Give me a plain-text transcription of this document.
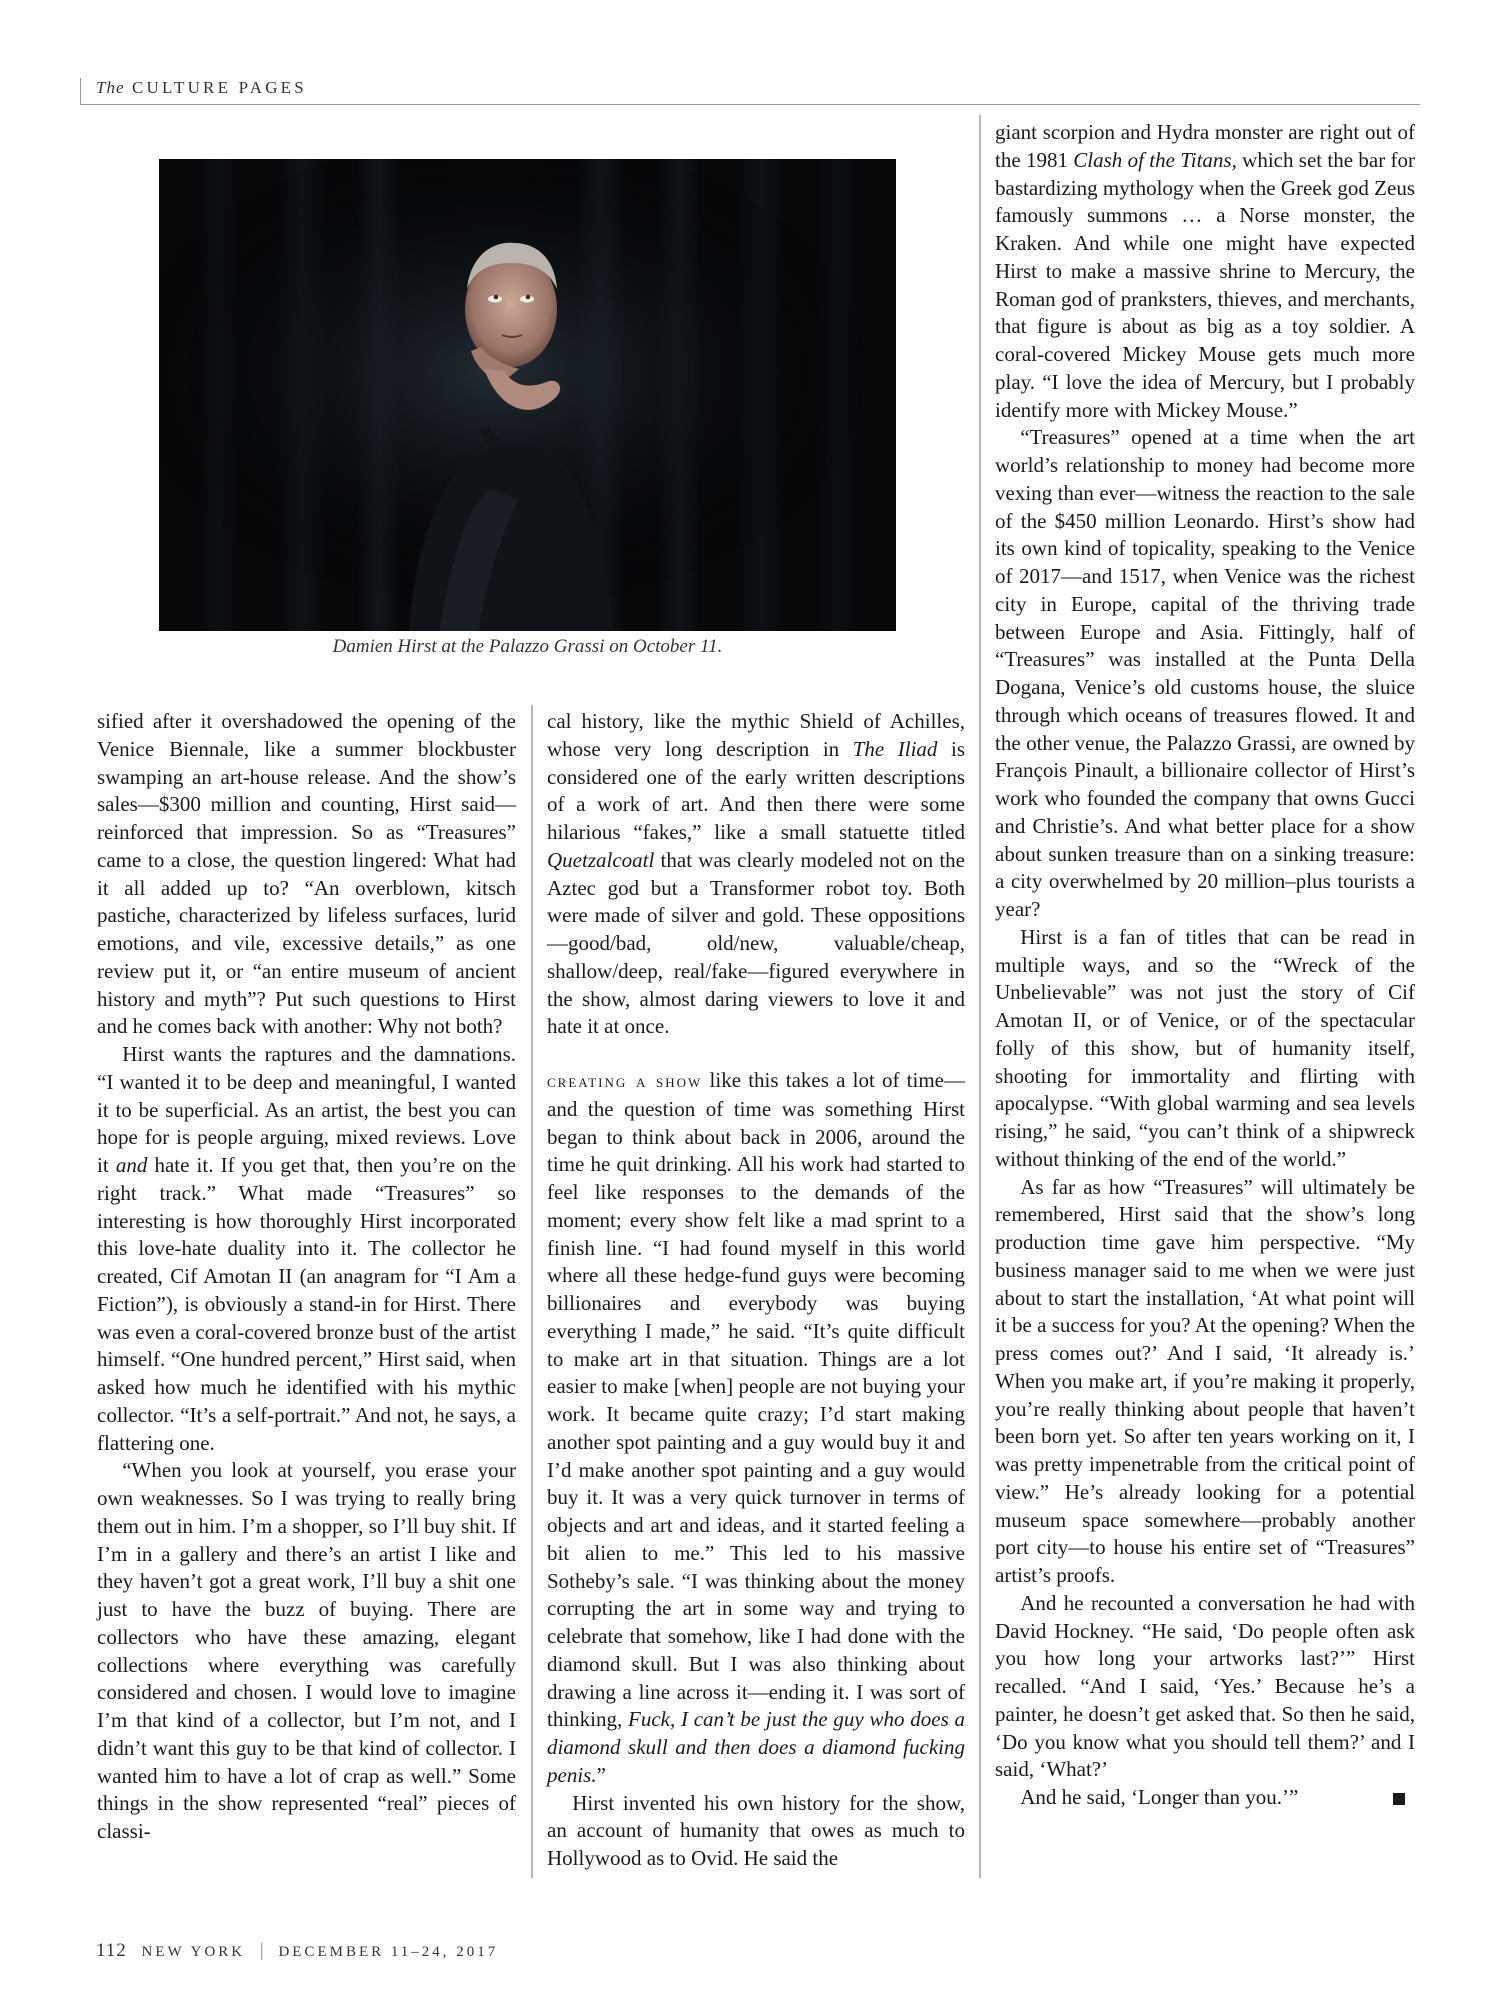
The CULTURE PAGES
Damien Hirst at the Palazzo Grassi on October 11.

sified after it overshadowed the opening of the Venice Biennale, like a summer blockbuster swamping an art-house release. And the show’s sales—$300 million and counting, Hirst said—reinforced that impression. So as “Treasures” came to a close, the question lingered: What had it all added up to? “An overblown, kitsch pastiche, characterized by lifeless surfaces, lurid emotions, and vile, excessive details,” as one review put it, or “an entire museum of ancient history and myth”? Put such questions to Hirst and he comes back with another: Why not both?

Hirst wants the raptures and the damnations. “I wanted it to be deep and meaningful, I wanted it to be superficial. As an artist, the best you can hope for is people arguing, mixed reviews. Love it and hate it. If you get that, then you’re on the right track.” What made “Treasures” so interesting is how thoroughly Hirst incorporated this love-hate duality into it. The collector he created, Cif Amotan II (an anagram for “I Am a Fiction”), is obviously a stand-in for Hirst. There was even a coral-covered bronze bust of the artist himself. “One hundred percent,” Hirst said, when asked how much he identified with his mythic collector. “It’s a self-portrait.” And not, he says, a flattering one.

“When you look at yourself, you erase your own weaknesses. So I was trying to really bring them out in him. I’m a shopper, so I’ll buy shit. If I’m in a gallery and there’s an artist I like and they haven’t got a great work, I’ll buy a shit one just to have the buzz of buying. There are collectors who have these amazing, elegant collections where everything was carefully considered and chosen. I would love to imagine I’m that kind of a collector, but I’m not, and I didn’t want this guy to be that kind of collector. I wanted him to have a lot of crap as well.” Some things in the show represented “real” pieces of classi-

cal history, like the mythic Shield of Achilles, whose very long description in The Iliad is considered one of the early written descriptions of a work of art. And then there were some hilarious “fakes,” like a small statuette titled Quetzalcoatl that was clearly modeled not on the Aztec god but a Transformer robot toy. Both were made of silver and gold. These oppositions—good/bad, old/new, valuable/cheap, shallow/deep, real/fake—figured everywhere in the show, almost daring viewers to love it and hate it at once.

creating a show like this takes a lot of time—and the question of time was something Hirst began to think about back in 2006, around the time he quit drinking. All his work had started to feel like responses to the demands of the moment; every show felt like a mad sprint to a finish line. “I had found myself in this world where all these hedge-fund guys were becoming billionaires and everybody was buying everything I made,” he said. “It’s quite difficult to make art in that situation. Things are a lot easier to make [when] people are not buying your work. It became quite crazy; I’d start making another spot painting and a guy would buy it and I’d make another spot painting and a guy would buy it. It was a very quick turnover in terms of objects and art and ideas, and it started feeling a bit alien to me.” This led to his massive Sotheby’s sale. “I was thinking about the money corrupting the art in some way and trying to celebrate that somehow, like I had done with the diamond skull. But I was also thinking about drawing a line across it—ending it. I was sort of thinking, Fuck, I can’t be just the guy who does a diamond skull and then does a diamond fucking penis.”

Hirst invented his own history for the show, an account of humanity that owes as much to Hollywood as to Ovid. He said the

giant scorpion and Hydra monster are right out of the 1981 Clash of the Titans, which set the bar for bastardizing mythology when the Greek god Zeus famously summons … a Norse monster, the Kraken. And while one might have expected Hirst to make a massive shrine to Mercury, the Roman god of pranksters, thieves, and merchants, that figure is about as big as a toy soldier. A coral-covered Mickey Mouse gets much more play. “I love the idea of Mercury, but I probably identify more with Mickey Mouse.”

“Treasures” opened at a time when the art world’s relationship to money had become more vexing than ever—witness the reaction to the sale of the $450 million Leonardo. Hirst’s show had its own kind of topicality, speaking to the Venice of 2017—and 1517, when Venice was the richest city in Europe, capital of the thriving trade between Europe and Asia. Fittingly, half of “Treasures” was installed at the Punta Della Dogana, Venice’s old customs house, the sluice through which oceans of treasures flowed. It and the other venue, the Palazzo Grassi, are owned by François Pinault, a billionaire collector of Hirst’s work who founded the company that owns Gucci and Christie’s. And what better place for a show about sunken treasure than on a sinking treasure: a city overwhelmed by 20 million–plus tourists a year?

Hirst is a fan of titles that can be read in multiple ways, and so the “Wreck of the Unbelievable” was not just the story of Cif Amotan II, or of Venice, or of the spectacular folly of this show, but of humanity itself, shooting for immortality and flirting with apocalypse. “With global warming and sea levels rising,” he said, “you can’t think of a shipwreck without thinking of the end of the world.”

As far as how “Treasures” will ultimately be remembered, Hirst said that the show’s long production time gave him perspective. “My business manager said to me when we were just about to start the installation, ‘At what point will it be a success for you? At the opening? When the press comes out?’ And I said, ‘It already is.’ When you make art, if you’re making it properly, you’re really thinking about people that haven’t been born yet. So after ten years working on it, I was pretty impenetrable from the critical point of view.” He’s already looking for a potential museum space somewhere—probably another port city—to house his entire set of “Treasures” artist’s proofs.

And he recounted a conversation he had with David Hockney. “He said, ‘Do people often ask you how long your artworks last?’” Hirst recalled. “And I said, ‘Yes.’ Because he’s a painter, he doesn’t get asked that. So then he said, ‘Do you know what you should tell them?’ and I said, ‘What?’

And he said, ‘Longer than you.’”

112 NEW YORK | DECEMBER 11–24, 2017
